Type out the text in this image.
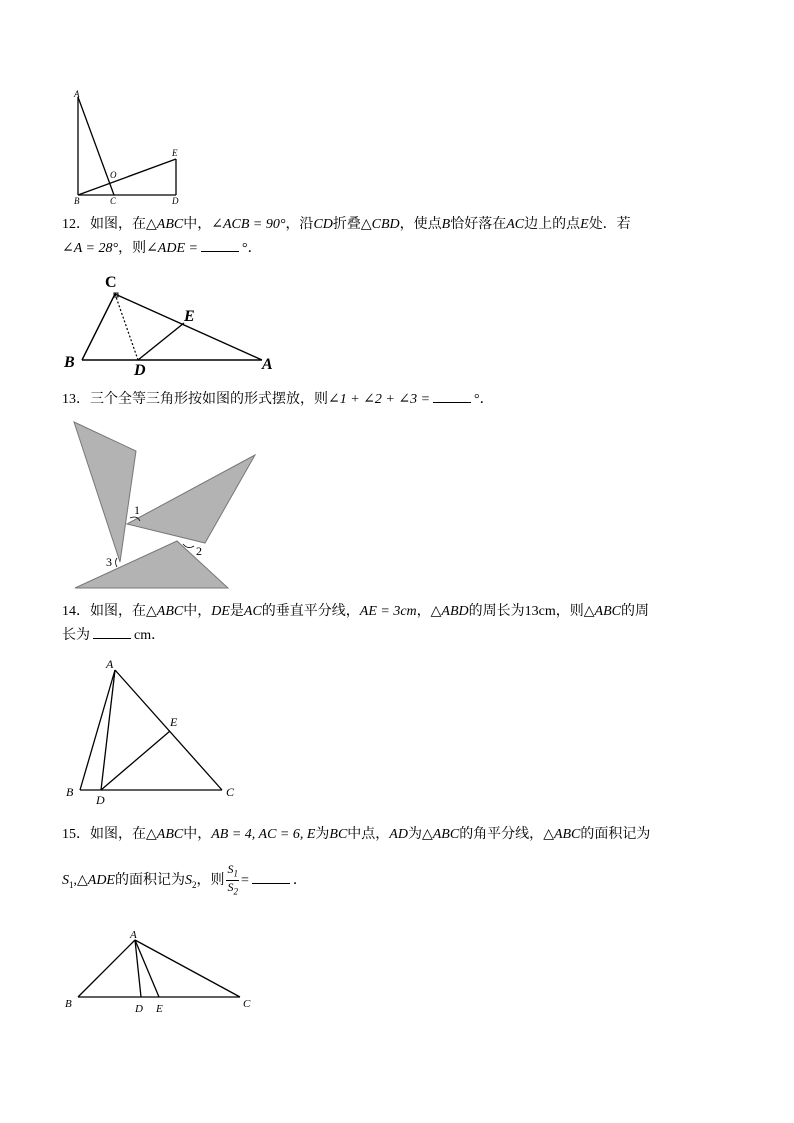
A
B	C
O
E
D
12．如图，在△ABC中，∠ACB = 90°，沿CD折叠△CBD，使点B恰好落在AC边上的点E处．若
∠A = 28°，则∠ADE =	°．
C
E
B	D	A
13．三个全等三角形按如图的形式摆放，则∠1 + ∠2 + ∠3 =	°．
1
2
3
14．如图，在△ABC中，DE是AC的垂直平分线，AE = 3cm，△ABD的周长为13cm，则△ABC的周
长为	cm．
A
E
B
D
C
15．如图，在△ABC中，AB = 4, AC = 6, E为BC中点，AD为△ABC的角平分线，△ABC的面积记为
$S_1,\triangle ADE$的面积记为$S_2$，则 $\frac{S_1}{S_2}$ =	．
A
B	D E	C
